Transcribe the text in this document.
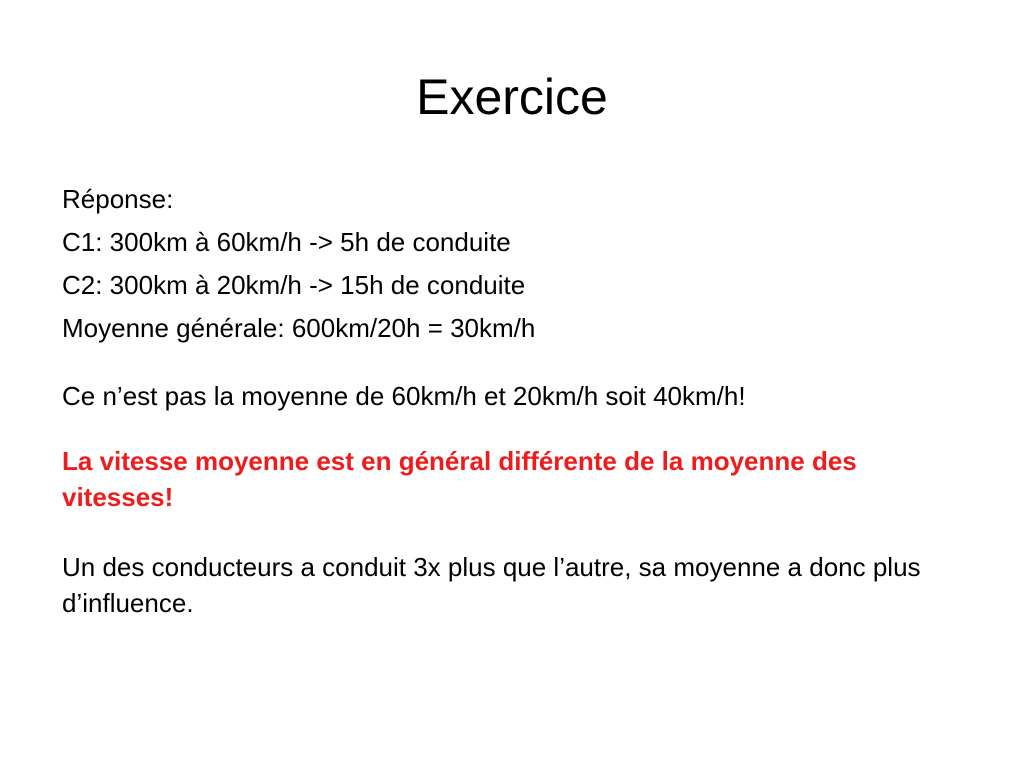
Exercice

Réponse:

C1: 300km à 60km/h -> 5h de conduite

C2: 300km à 20km/h -> 15h de conduite

Moyenne générale: 600km/20h = 30km/h

Ce n’est pas la moyenne de 60km/h et 20km/h soit 40km/h!

La vitesse moyenne est en général différente de la moyenne des vitesses!

Un des conducteurs a conduit 3x plus que l’autre, sa moyenne a donc plus d’influence.
